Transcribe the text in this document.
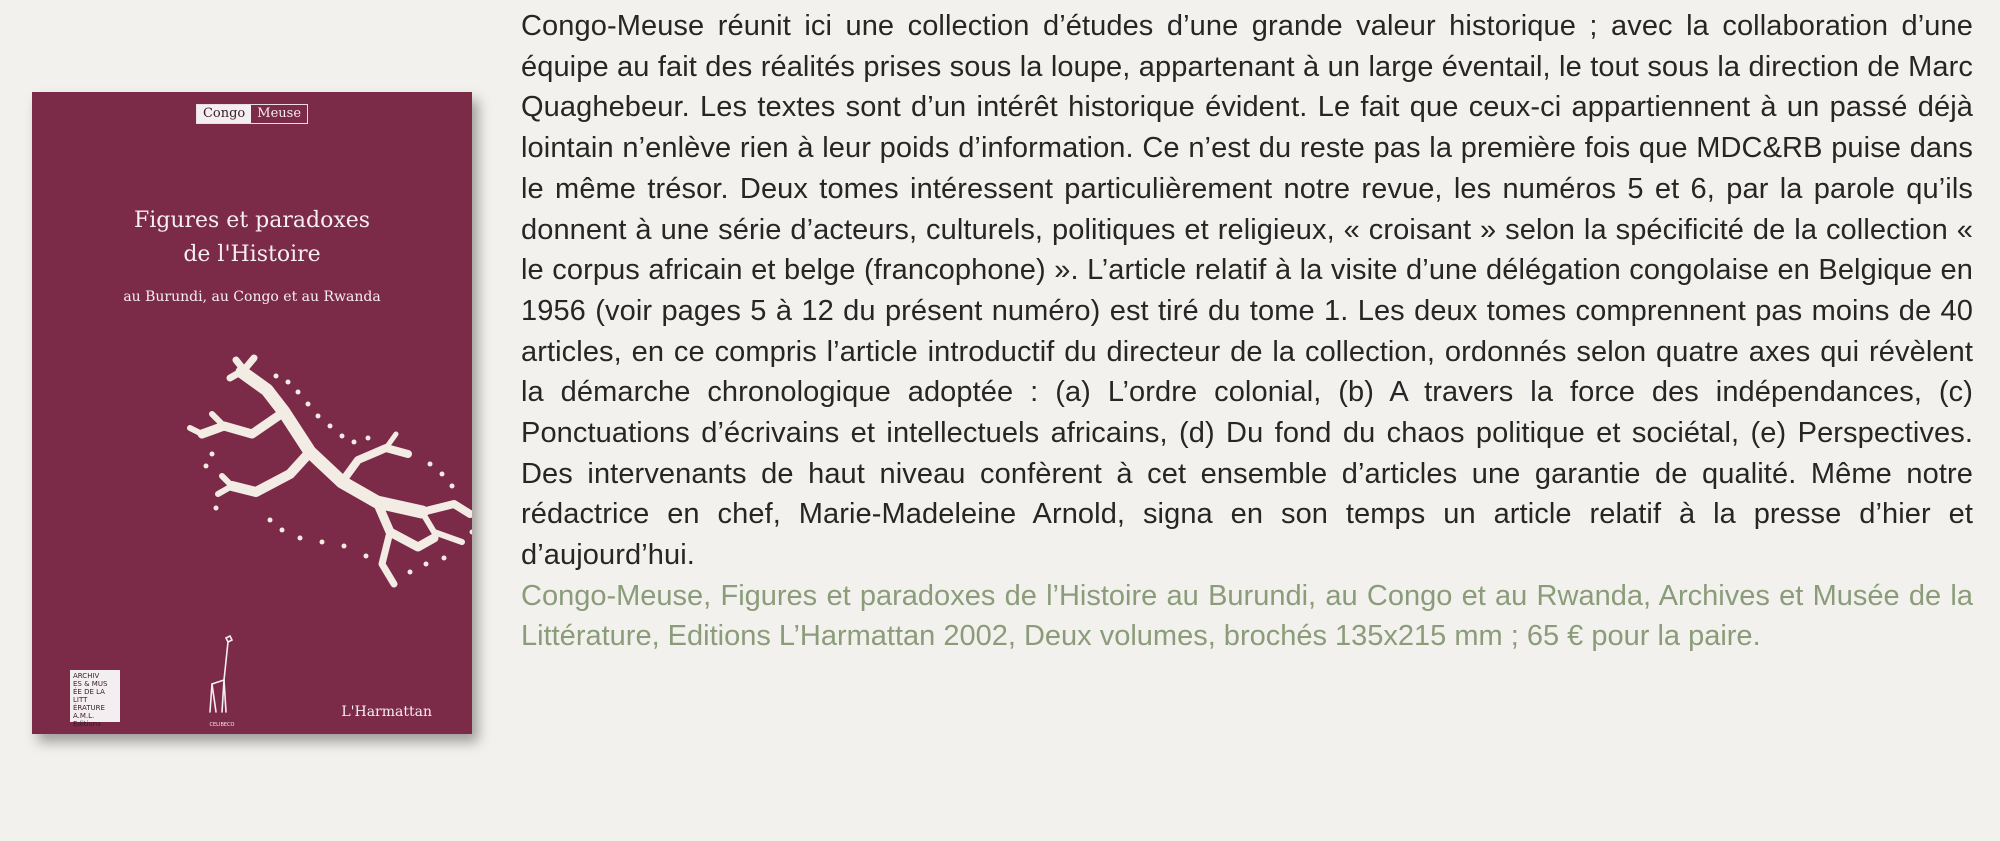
Congo Meuse
Figures et paradoxes
de l'Histoire
au Burundi, au Congo et au Rwanda
ARCHIV
ES & MUS
ÉE DE LA LITT
ÉRATURE
A.M.L. Editions	CELIBECO
L'Harmattan

Congo-Meuse réunit ici une collection d’études d’une grande valeur historique ; avec la collaboration d’une équipe au fait des réalités prises sous la loupe, appartenant à un large éventail, le tout sous la direction de Marc Quaghebeur. Les textes sont d’un intérêt historique évident. Le fait que ceux-ci appartiennent à un passé déjà lointain n’enlève rien à leur poids d’information. Ce n’est du reste pas la première fois que MDC&RB puise dans le même trésor. Deux tomes intéressent particulièrement notre revue, les numéros 5 et 6, par la parole qu’ils donnent à une série d’acteurs, culturels, politiques et religieux, « croisant » selon la spécificité de la collection « le corpus africain et belge (francophone) ». L’article relatif à la visite d’une délégation congolaise en Belgique en 1956 (voir pages 5 à 12 du présent numéro) est tiré du tome 1. Les deux tomes comprennent pas moins de 40 articles, en ce compris l’article introductif du directeur de la collection, ordonnés selon quatre axes qui révèlent la démarche chronologique adoptée : (a) L’ordre colonial, (b) A travers la force des indépendances, (c) Ponctuations d’écrivains et intellectuels africains, (d) Du fond du chaos politique et sociétal, (e) Perspectives. Des intervenants de haut niveau confèrent à cet ensemble d’articles une garantie de qualité. Même notre rédactrice en chef, Marie-Madeleine Arnold, signa en son temps un article relatif à la presse d’hier et d’aujourd’hui.

Congo-Meuse, Figures et paradoxes de l’Histoire au Burundi, au Congo et au Rwanda, Archives et Musée de la Littérature, Editions L’Harmattan 2002, Deux volumes, brochés 135x215 mm ; 65 € pour la paire.
